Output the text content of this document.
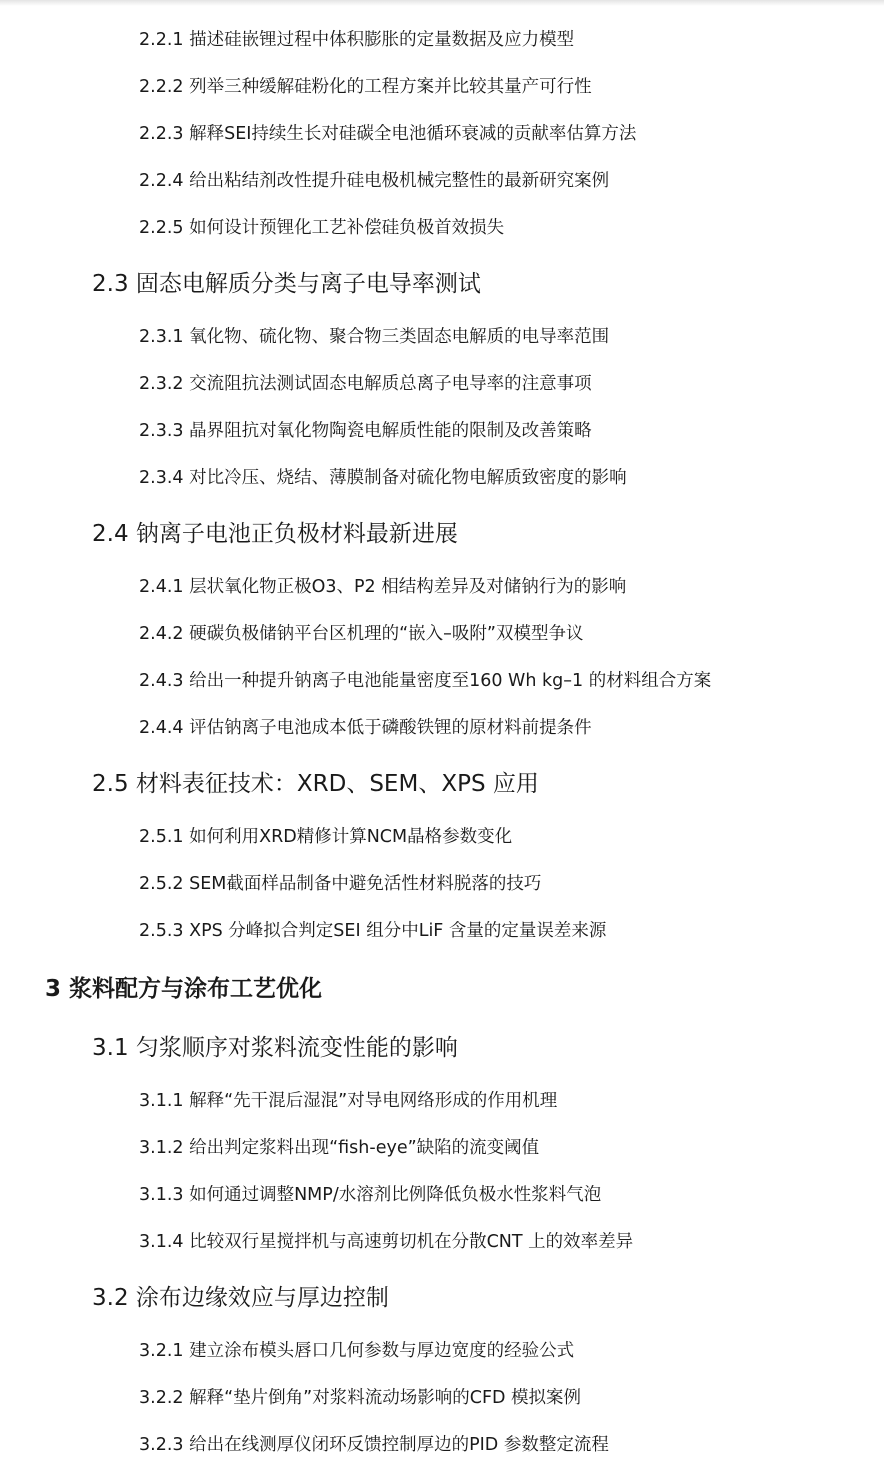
2.2.1 描述硅嵌锂过程中体积膨胀的定量数据及应力模型
2.2.2 列举三种缓解硅粉化的工程方案并比较其量产可行性
2.2.3 解释SEI持续生长对硅碳全电池循环衰减的贡献率估算方法
2.2.4 给出粘结剂改性提升硅电极机械完整性的最新研究案例
2.2.5 如何设计预锂化工艺补偿硅负极首效损失
2.3 固态电解质分类与离子电导率测试
2.3.1 氧化物、硫化物、聚合物三类固态电解质的电导率范围
2.3.2 交流阻抗法测试固态电解质总离子电导率的注意事项
2.3.3 晶界阻抗对氧化物陶瓷电解质性能的限制及改善策略
2.3.4 对比冷压、烧结、薄膜制备对硫化物电解质致密度的影响
2.4 钠离子电池正负极材料最新进展
2.4.1 层状氧化物正极O3、P2 相结构差异及对储钠行为的影响
2.4.2 硬碳负极储钠平台区机理的“嵌入–吸附”双模型争议
2.4.3 给出一种提升钠离子电池能量密度至160 Wh kg–1 的材料组合方案
2.4.4 评估钠离子电池成本低于磷酸铁锂的原材料前提条件
2.5 材料表征技术：XRD、SEM、XPS 应用
2.5.1 如何利用XRD精修计算NCM晶格参数变化
2.5.2 SEM截面样品制备中避免活性材料脱落的技巧
2.5.3 XPS 分峰拟合判定SEI 组分中LiF 含量的定量误差来源
3 浆料配方与涂布工艺优化
3.1 匀浆顺序对浆料流变性能的影响
3.1.1 解释“先干混后湿混”对导电网络形成的作用机理
3.1.2 给出判定浆料出现“fish-eye”缺陷的流变阈值
3.1.3 如何通过调整NMP/水溶剂比例降低负极水性浆料气泡
3.1.4 比较双行星搅拌机与高速剪切机在分散CNT 上的效率差异
3.2 涂布边缘效应与厚边控制
3.2.1 建立涂布模头唇口几何参数与厚边宽度的经验公式
3.2.2 解释“垫片倒角”对浆料流动场影响的CFD 模拟案例
3.2.3 给出在线测厚仪闭环反馈控制厚边的PID 参数整定流程
